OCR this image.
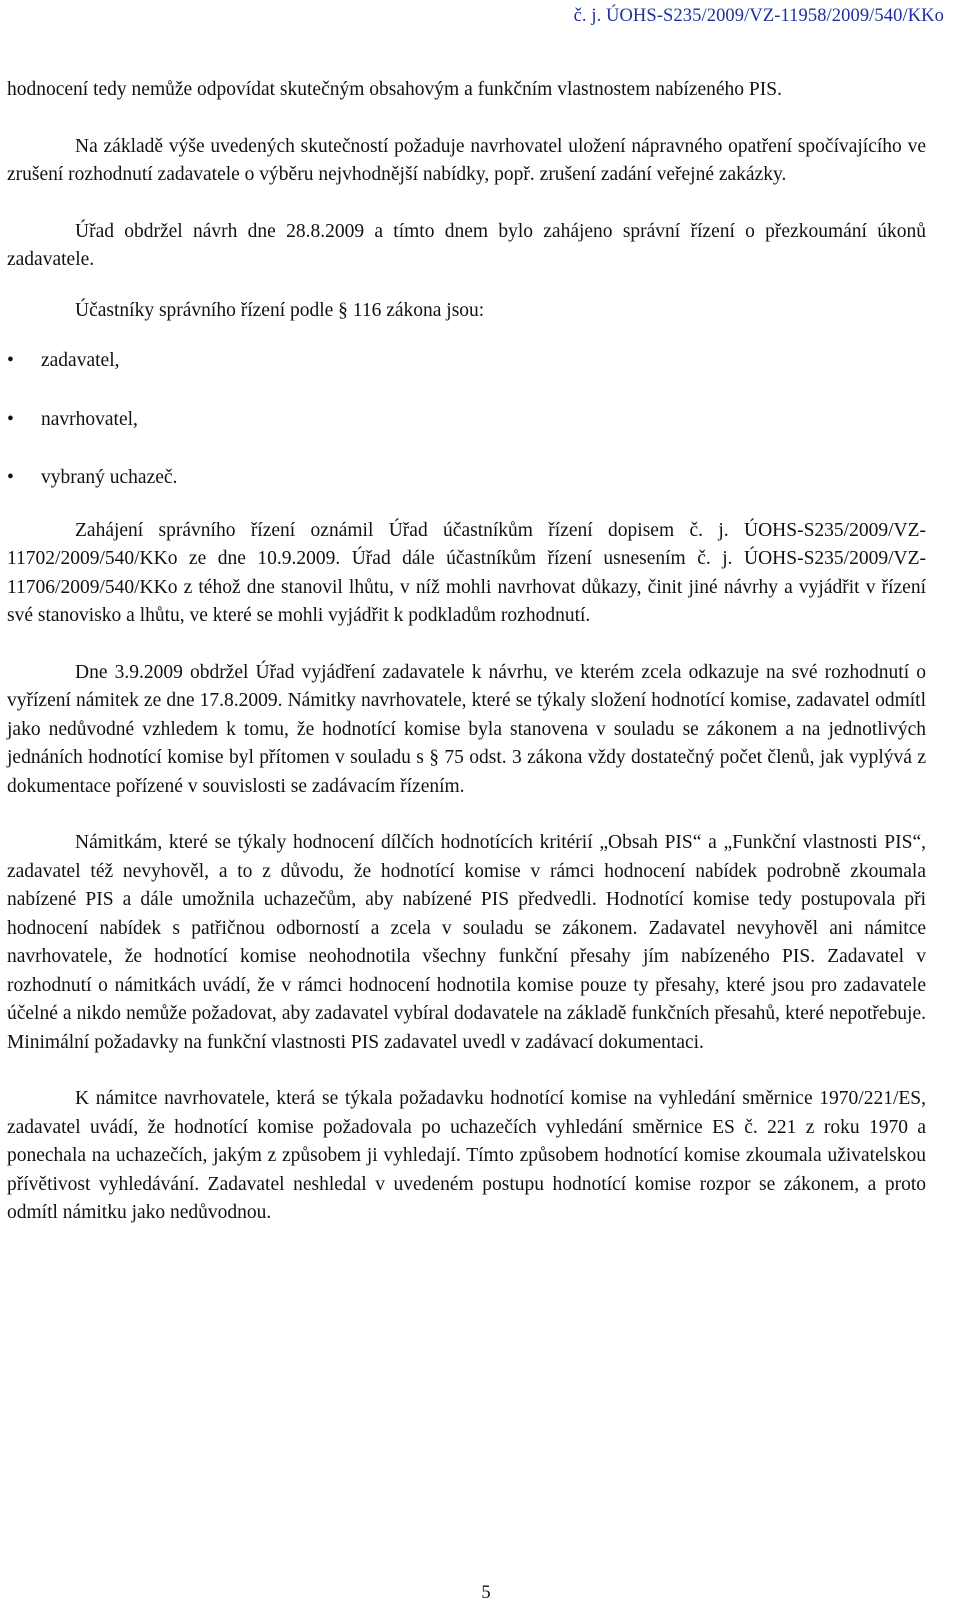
č. j. ÚOHS-S235/2009/VZ-11958/2009/540/KKo

hodnocení tedy nemůže odpovídat skutečným obsahovým a funkčním vlastnostem nabízeného PIS.

Na základě výše uvedených skutečností požaduje navrhovatel uložení nápravného opatření spočívajícího ve zrušení rozhodnutí zadavatele o výběru nejvhodnější nabídky, popř. zrušení zadání veřejné zakázky.

Úřad obdržel návrh dne 28.8.2009 a tímto dnem bylo zahájeno správní řízení o přezkoumání úkonů zadavatele.

Účastníky správního řízení podle § 116 zákona jsou:

• zadavatel,
• navrhovatel,
• vybraný uchazeč.

Zahájení správního řízení oznámil Úřad účastníkům řízení dopisem č. j. ÚOHS-S235/2009/VZ-11702/2009/540/KKo ze dne 10.9.2009. Úřad dále účastníkům řízení usnesením č. j. ÚOHS-S235/2009/VZ-11706/2009/540/KKo z téhož dne stanovil lhůtu, v níž mohli navrhovat důkazy, činit jiné návrhy a vyjádřit v řízení své stanovisko a lhůtu, ve které se mohli vyjádřit k podkladům rozhodnutí.

Dne 3.9.2009 obdržel Úřad vyjádření zadavatele k návrhu, ve kterém zcela odkazuje na své rozhodnutí o vyřízení námitek ze dne 17.8.2009. Námitky navrhovatele, které se týkaly složení hodnotící komise, zadavatel odmítl jako nedůvodné vzhledem k tomu, že hodnotící komise byla stanovena v souladu se zákonem a na jednotlivých jednáních hodnotící komise byl přítomen v souladu s § 75 odst. 3 zákona vždy dostatečný počet členů, jak vyplývá z dokumentace pořízené v souvislosti se zadávacím řízením.

Námitkám, které se týkaly hodnocení dílčích hodnotících kritérií „Obsah PIS“ a „Funkční vlastnosti PIS“, zadavatel též nevyhověl, a to z důvodu, že hodnotící komise v rámci hodnocení nabídek podrobně zkoumala nabízené PIS a dále umožnila uchazečům, aby nabízené PIS předvedli. Hodnotící komise tedy postupovala při hodnocení nabídek s patřičnou odborností a zcela v souladu se zákonem. Zadavatel nevyhověl ani námitce navrhovatele, že hodnotící komise neohodnotila všechny funkční přesahy jím nabízeného PIS. Zadavatel v rozhodnutí o námitkách uvádí, že v rámci hodnocení hodnotila komise pouze ty přesahy, které jsou pro zadavatele účelné a nikdo nemůže požadovat, aby zadavatel vybíral dodavatele na základě funkčních přesahů, které nepotřebuje. Minimální požadavky na funkční vlastnosti PIS zadavatel uvedl v zadávací dokumentaci.

K námitce navrhovatele, která se týkala požadavku hodnotící komise na vyhledání směrnice 1970/221/ES, zadavatel uvádí, že hodnotící komise požadovala po uchazečích vyhledání směrnice ES č. 221 z roku 1970 a ponechala na uchazečích, jakým z způsobem ji vyhledají. Tímto způsobem hodnotící komise zkoumala uživatelskou přívětivost vyhledávání. Zadavatel neshledal v uvedeném postupu hodnotící komise rozpor se zákonem, a proto odmítl námitku jako nedůvodnou.

5
